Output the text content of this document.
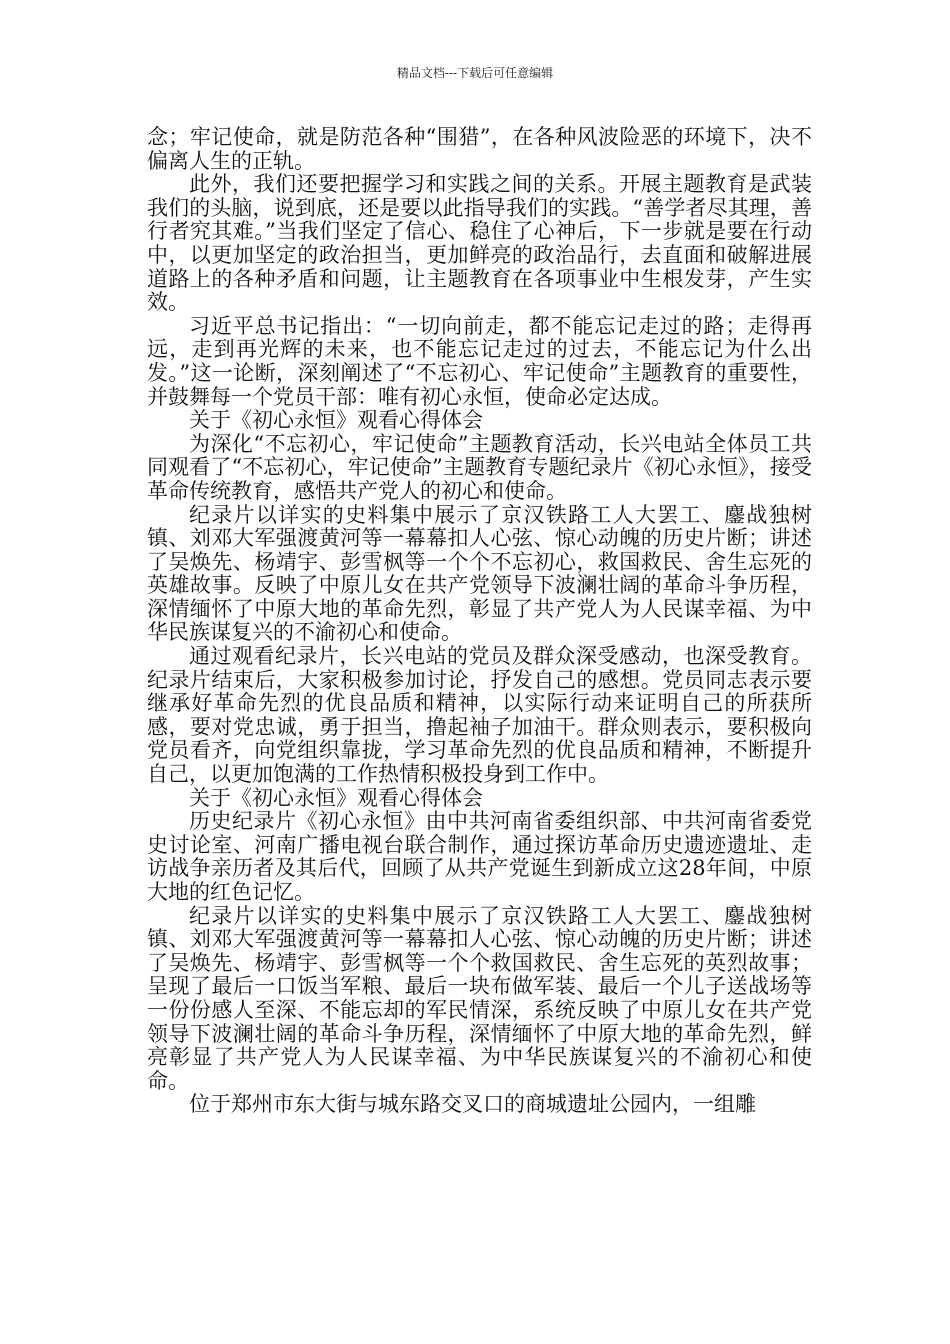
精品文档---下载后可任意编辑

念；牢记使命，就是防范各种“围猎”，在各种风波险恶的环境下，决不偏离人生的正轨。

此外，我们还要把握学习和实践之间的关系。开展主题教育是武装我们的头脑，说到底，还是要以此指导我们的实践。“善学者尽其理，善行者究其难。”当我们坚定了信心、稳住了心神后，下一步就是要在行动中，以更加坚定的政治担当，更加鲜亮的政治品行，去直面和破解进展道路上的各种矛盾和问题，让主题教育在各项事业中生根发芽，产生实效。

习近平总书记指出：“一切向前走，都不能忘记走过的路；走得再远，走到再光辉的未来，也不能忘记走过的过去，不能忘记为什么出发。”这一论断，深刻阐述了“不忘初心、牢记使命”主题教育的重要性，并鼓舞每一个党员干部：唯有初心永恒，使命必定达成。

关于《初心永恒》观看心得体会

为深化“不忘初心，牢记使命”主题教育活动，长兴电站全体员工共同观看了“不忘初心，牢记使命”主题教育专题纪录片《初心永恒》，接受革命传统教育，感悟共产党人的初心和使命。

纪录片以详实的史料集中展示了京汉铁路工人大罢工、鏖战独树镇、刘邓大军强渡黄河等一幕幕扣人心弦、惊心动魄的历史片断；讲述了吴焕先、杨靖宇、彭雪枫等一个个不忘初心，救国救民、舍生忘死的英雄故事。反映了中原儿女在共产党领导下波澜壮阔的革命斗争历程，深情缅怀了中原大地的革命先烈，彰显了共产党人为人民谋幸福、为中华民族谋复兴的不渝初心和使命。

通过观看纪录片，长兴电站的党员及群众深受感动，也深受教育。纪录片结束后，大家积极参加讨论，抒发自己的感想。党员同志表示要继承好革命先烈的优良品质和精神，以实际行动来证明自己的所获所感，要对党忠诚，勇于担当，撸起袖子加油干。群众则表示，要积极向党员看齐，向党组织靠拢，学习革命先烈的优良品质和精神，不断提升自己，以更加饱满的工作热情积极投身到工作中。

关于《初心永恒》观看心得体会

历史纪录片《初心永恒》由中共河南省委组织部、中共河南省委党史讨论室、河南广播电视台联合制作，通过探访革命历史遗迹遗址、走访战争亲历者及其后代，回顾了从共产党诞生到新成立这28年间，中原大地的红色记忆。

纪录片以详实的史料集中展示了京汉铁路工人大罢工、鏖战独树镇、刘邓大军强渡黄河等一幕幕扣人心弦、惊心动魄的历史片断；讲述了吴焕先、杨靖宇、彭雪枫等一个个救国救民、舍生忘死的英烈故事；呈现了最后一口饭当军粮、最后一块布做军装、最后一个儿子送战场等一份份感人至深、不能忘却的军民情深，系统反映了中原儿女在共产党领导下波澜壮阔的革命斗争历程，深情缅怀了中原大地的革命先烈，鲜亮彰显了共产党人为人民谋幸福、为中华民族谋复兴的不渝初心和使命。

位于郑州市东大街与城东路交叉口的商城遗址公园内，一组雕
